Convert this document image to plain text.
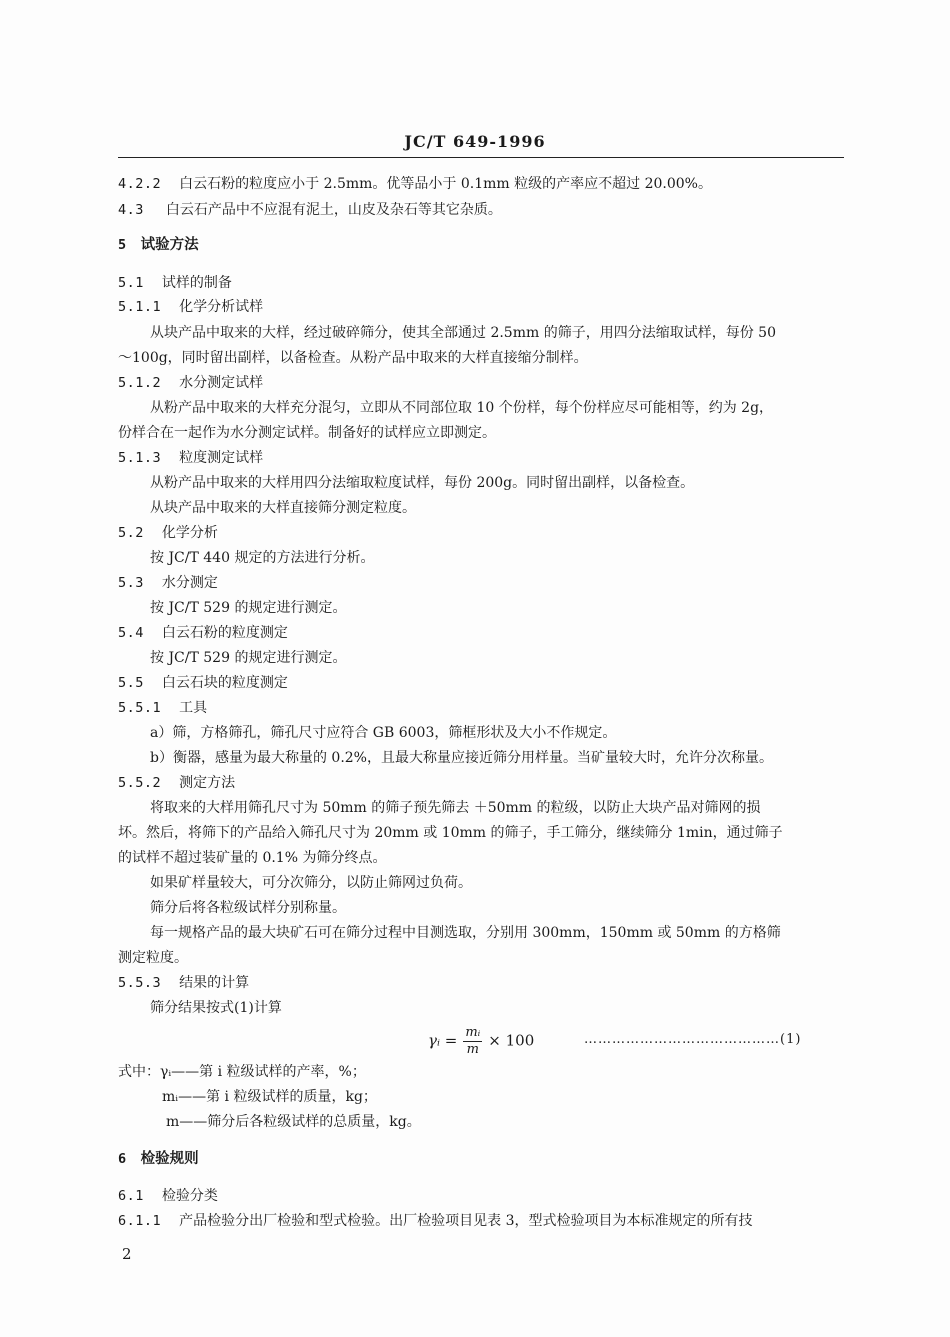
JC/T 649-1996
4.2.2 白云石粉的粒度应小于 2.5mm。优等品小于 0.1mm 粒级的产率应不超过 20.00%。
4.3 白云石产品中不应混有泥土，山皮及杂石等其它杂质。
5 试验方法
5.1 试样的制备
5.1.1 化学分析试样
从块产品中取来的大样，经过破碎筛分，使其全部通过 2.5mm 的筛子，用四分法缩取试样，每份 50
～100g，同时留出副样，以备检查。从粉产品中取来的大样直接缩分制样。
5.1.2 水分测定试样
从粉产品中取来的大样充分混匀，立即从不同部位取 10 个份样，每个份样应尽可能相等，约为 2g，
份样合在一起作为水分测定试样。制备好的试样应立即测定。
5.1.3 粒度测定试样
从粉产品中取来的大样用四分法缩取粒度试样，每份 200g。同时留出副样，以备检查。
从块产品中取来的大样直接筛分测定粒度。
5.2 化学分析
按 JC/T 440 规定的方法进行分析。
5.3 水分测定
按 JC/T 529 的规定进行测定。
5.4 白云石粉的粒度测定
按 JC/T 529 的规定进行测定。
5.5 白云石块的粒度测定
5.5.1 工具
a）筛，方格筛孔，筛孔尺寸应符合 GB 6003，筛框形状及大小不作规定。
b）衡器，感量为最大称量的 0.2%，且最大称量应接近筛分用样量。当矿量较大时，允许分次称量。
5.5.2 测定方法
将取来的大样用筛孔尺寸为 50mm 的筛子预先筛去 ＋50mm 的粒级，以防止大块产品对筛网的损
坏。然后，将筛下的产品给入筛孔尺寸为 20mm 或 10mm 的筛子，手工筛分，继续筛分 1min，通过筛子
的试样不超过装矿量的 0.1% 为筛分终点。
如果矿样量较大，可分次筛分，以防止筛网过负荷。
筛分后将各粒级试样分别称量。
每一规格产品的最大块矿石可在筛分过程中目测选取，分别用 300mm，150mm 或 50mm 的方格筛
测定粒度。
5.5.3 结果的计算
筛分结果按式(1)计算
γᵢ = $\frac{\text{mᵢ}}{m} \times 100$	……………………………………(1)
式中：γᵢ——第 i 粒级试样的产率，%；
mᵢ——第 i 粒级试样的质量，kg；
m——筛分后各粒级试样的总质量，kg。
6 检验规则
6.1 检验分类
6.1.1 产品检验分出厂检验和型式检验。出厂检验项目见表 3，型式检验项目为本标准规定的所有技
2
